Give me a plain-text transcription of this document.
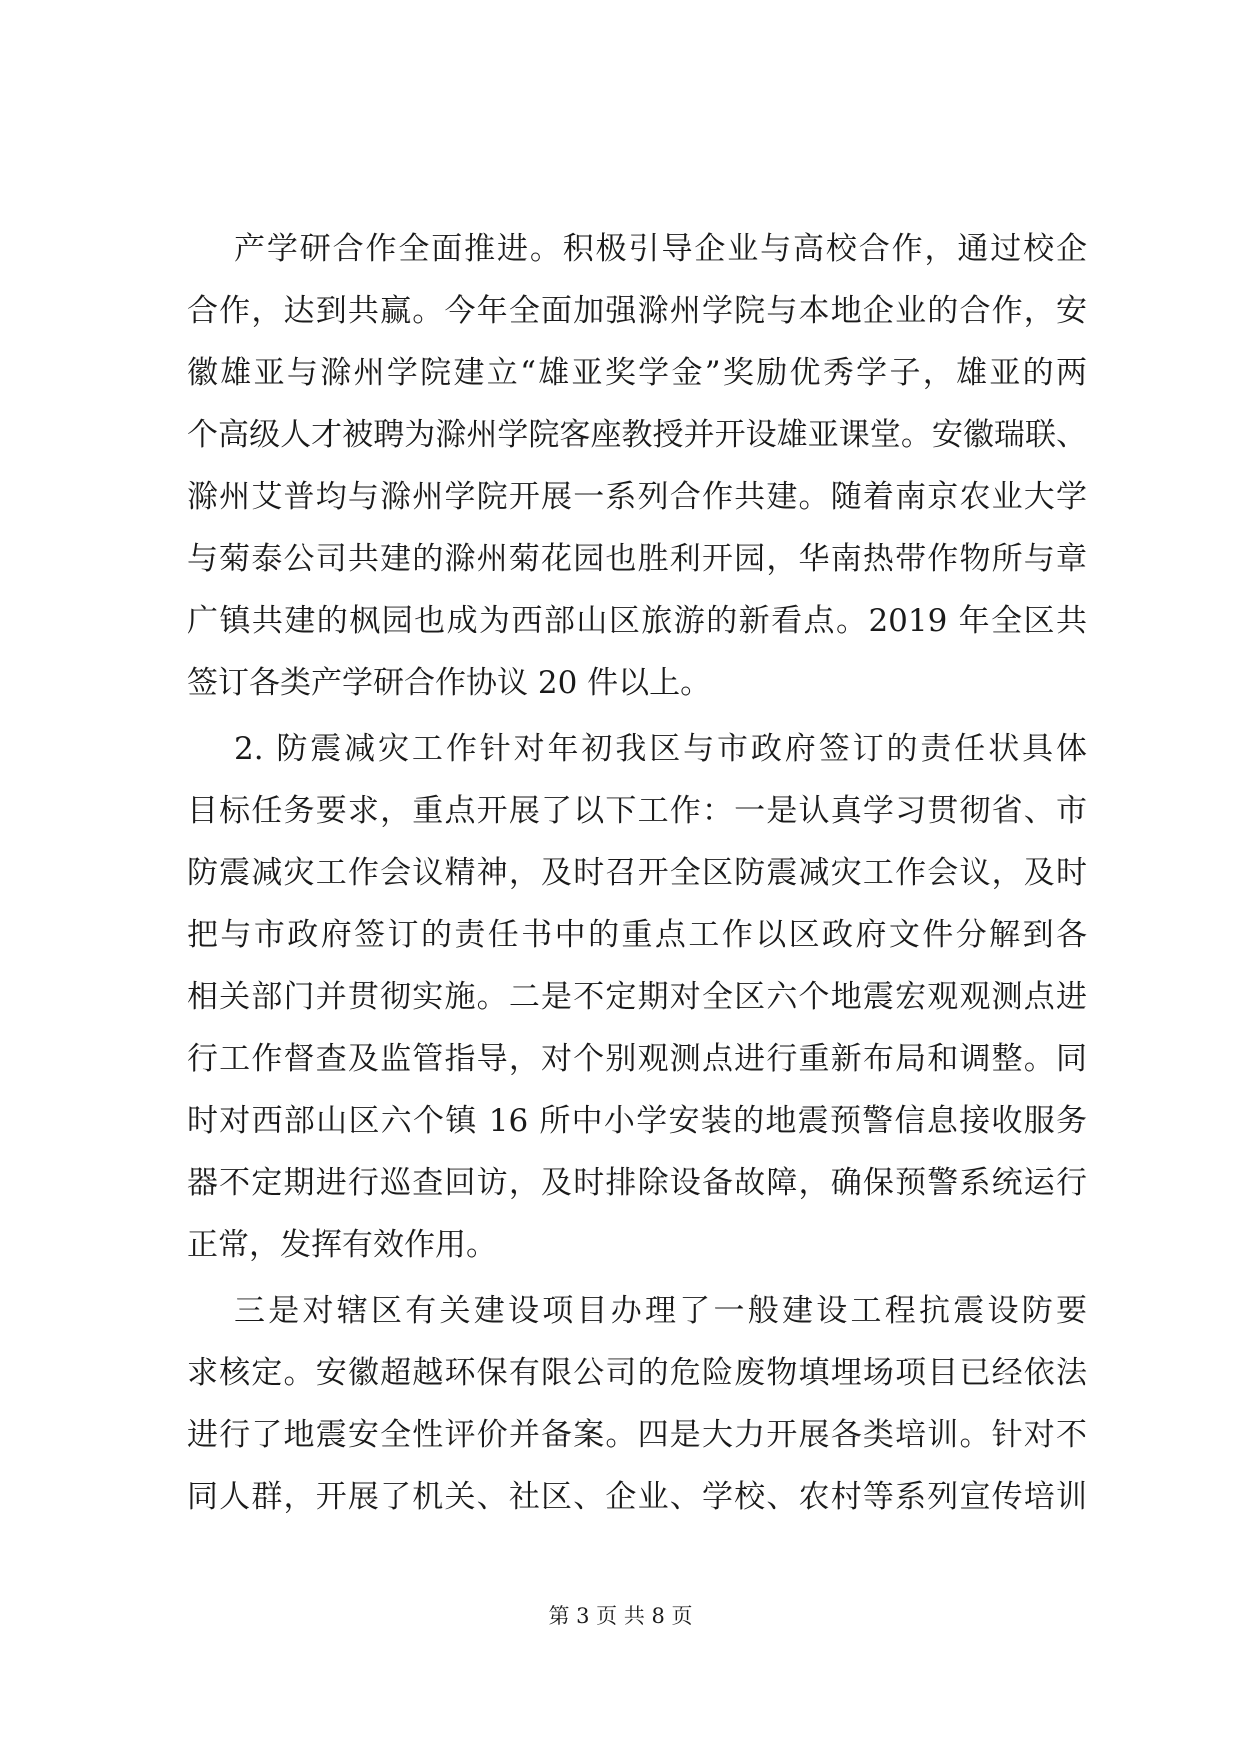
产学研合作全面推进。积极引导企业与高校合作，通过校企
合作，达到共赢。今年全面加强滁州学院与本地企业的合作，安
徽雄亚与滁州学院建立“雄亚奖学金”奖励优秀学子，雄亚的两
个高级人才被聘为滁州学院客座教授并开设雄亚课堂。安徽瑞联、
滁州艾普均与滁州学院开展一系列合作共建。随着南京农业大学
与菊泰公司共建的滁州菊花园也胜利开园，华南热带作物所与章
广镇共建的枫园也成为西部山区旅游的新看点。2019 年全区共
签订各类产学研合作协议 20 件以上。
2. 防震减灾工作针对年初我区与市政府签订的责任状具体
目标任务要求，重点开展了以下工作：一是认真学习贯彻省、市
防震减灾工作会议精神，及时召开全区防震减灾工作会议，及时
把与市政府签订的责任书中的重点工作以区政府文件分解到各
相关部门并贯彻实施。二是不定期对全区六个地震宏观观测点进
行工作督查及监管指导，对个别观测点进行重新布局和调整。同
时对西部山区六个镇 16 所中小学安装的地震预警信息接收服务
器不定期进行巡查回访，及时排除设备故障，确保预警系统运行
正常，发挥有效作用。
三是对辖区有关建设项目办理了一般建设工程抗震设防要
求核定。安徽超越环保有限公司的危险废物填埋场项目已经依法
进行了地震安全性评价并备案。四是大力开展各类培训。针对不
同人群，开展了机关、社区、企业、学校、农村等系列宣传培训
第 3 页 共 8 页
